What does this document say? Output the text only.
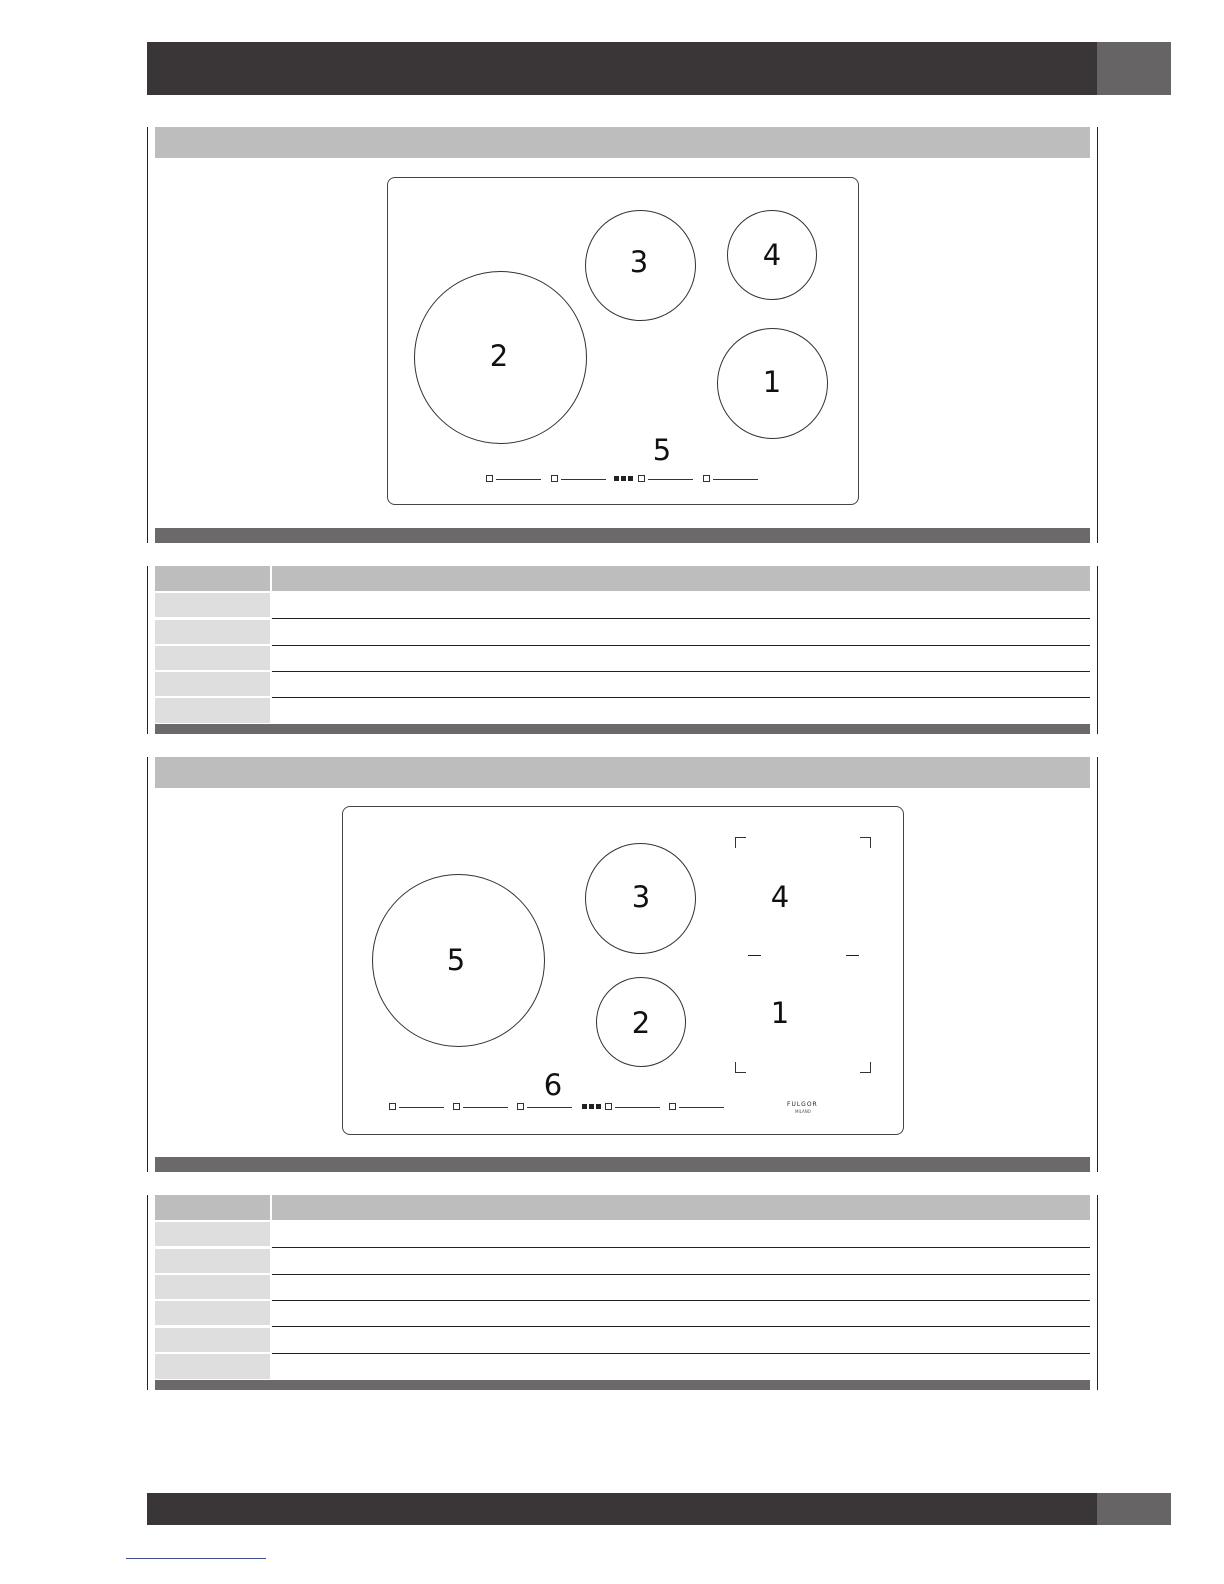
2
3	4
1
5
5
3
2
4
1
6
FULGOR
MILANO
